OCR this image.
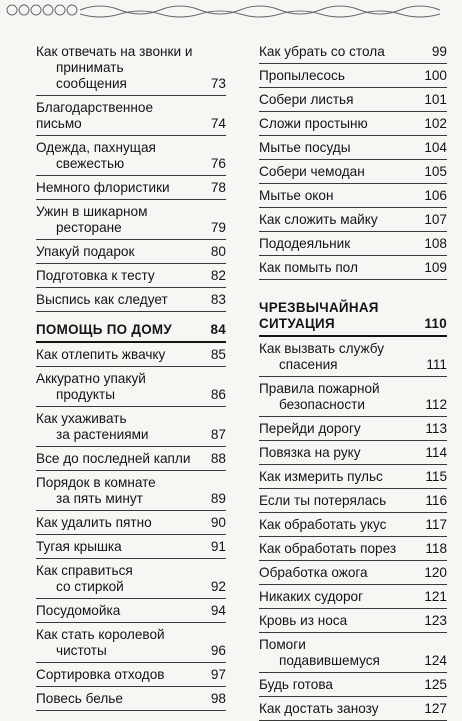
Как отвечать на звонки и
принимать сообщения	73
Благодарственное письмо	74
Одежда, пахнущая
свежестью	76
Немного флористики	78
Ужин в шикарном
ресторане	79
Упакуй подарок	80
Подготовка к тесту	82
Выспись как следует	83
ПОМОЩЬ ПО ДОМУ	84
Как отлепить жвачку	85
Аккуратно упакуй
продукты	86
Как ухаживать
за растениями	87
Все до последней капли 88
Порядок в комнате
за пять минут	89
Как удалить пятно	90
Тугая крышка	91
Как справиться
со стиркой	92
Посудомойка	94
Как стать королевой
чистоты	96
Сортировка отходов	97
Повесь белье	98
Как убрать со стола	99
Пропылесось	100
Собери листья	101
Сложи простыню	102
Мытье посуды	104
Собери чемодан	105
Мытье окон	106
Как сложить майку	107
Пододеяльник	108
Как помыть пол	109
ЧРЕЗВЫЧАЙНАЯ
СИТУАЦИЯ	110
Как вызвать службу
спасения	111
Правила пожарной
безопасности	112
Перейди дорогу	113
Повязка на руку	114
Как измерить пульс	115
Если ты потерялась	116
Как обработать укус	117
Как обработать порез 118
Обработка ожога	120
Никаких судорог	121
Кровь из носа	123
Помоги
подавившемуся	124
Будь готова	125
Как достать занозу	127
